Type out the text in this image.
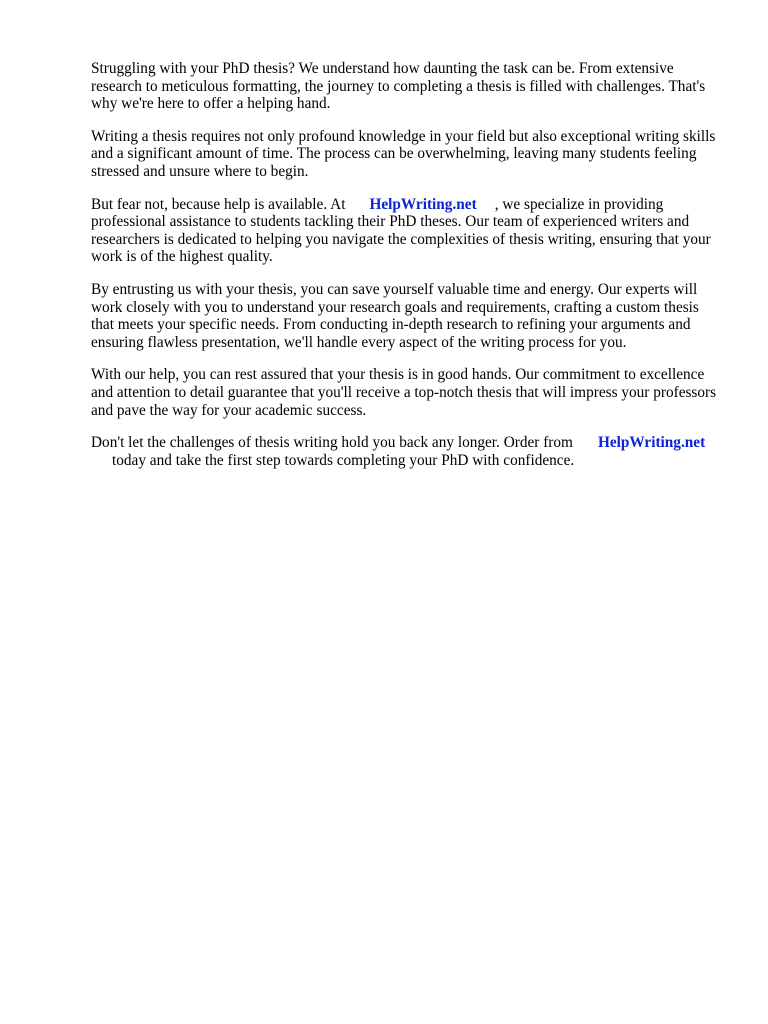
Struggling with your PhD thesis? We understand how daunting the task can be. From extensive research to meticulous formatting, the journey to completing a thesis is filled with challenges. That's why we're here to offer a helping hand.

Writing a thesis requires not only profound knowledge in your field but also exceptional writing skills and a significant amount of time. The process can be overwhelming, leaving many students feeling stressed and unsure where to begin.

But fear not, because help is available. At HelpWriting.net , we specialize in providing professional assistance to students tackling their PhD theses. Our team of experienced writers and researchers is dedicated to helping you navigate the complexities of thesis writing, ensuring that your work is of the highest quality.

By entrusting us with your thesis, you can save yourself valuable time and energy. Our experts will work closely with you to understand your research goals and requirements, crafting a custom thesis that meets your specific needs. From conducting in-depth research to refining your arguments and ensuring flawless presentation, we'll handle every aspect of the writing process for you.

With our help, you can rest assured that your thesis is in good hands. Our commitment to excellence and attention to detail guarantee that you'll receive a top-notch thesis that will impress your professors and pave the way for your academic success.

Don't let the challenges of thesis writing hold you back any longer. Order from HelpWriting.net
today and take the first step towards completing your PhD with confidence.
